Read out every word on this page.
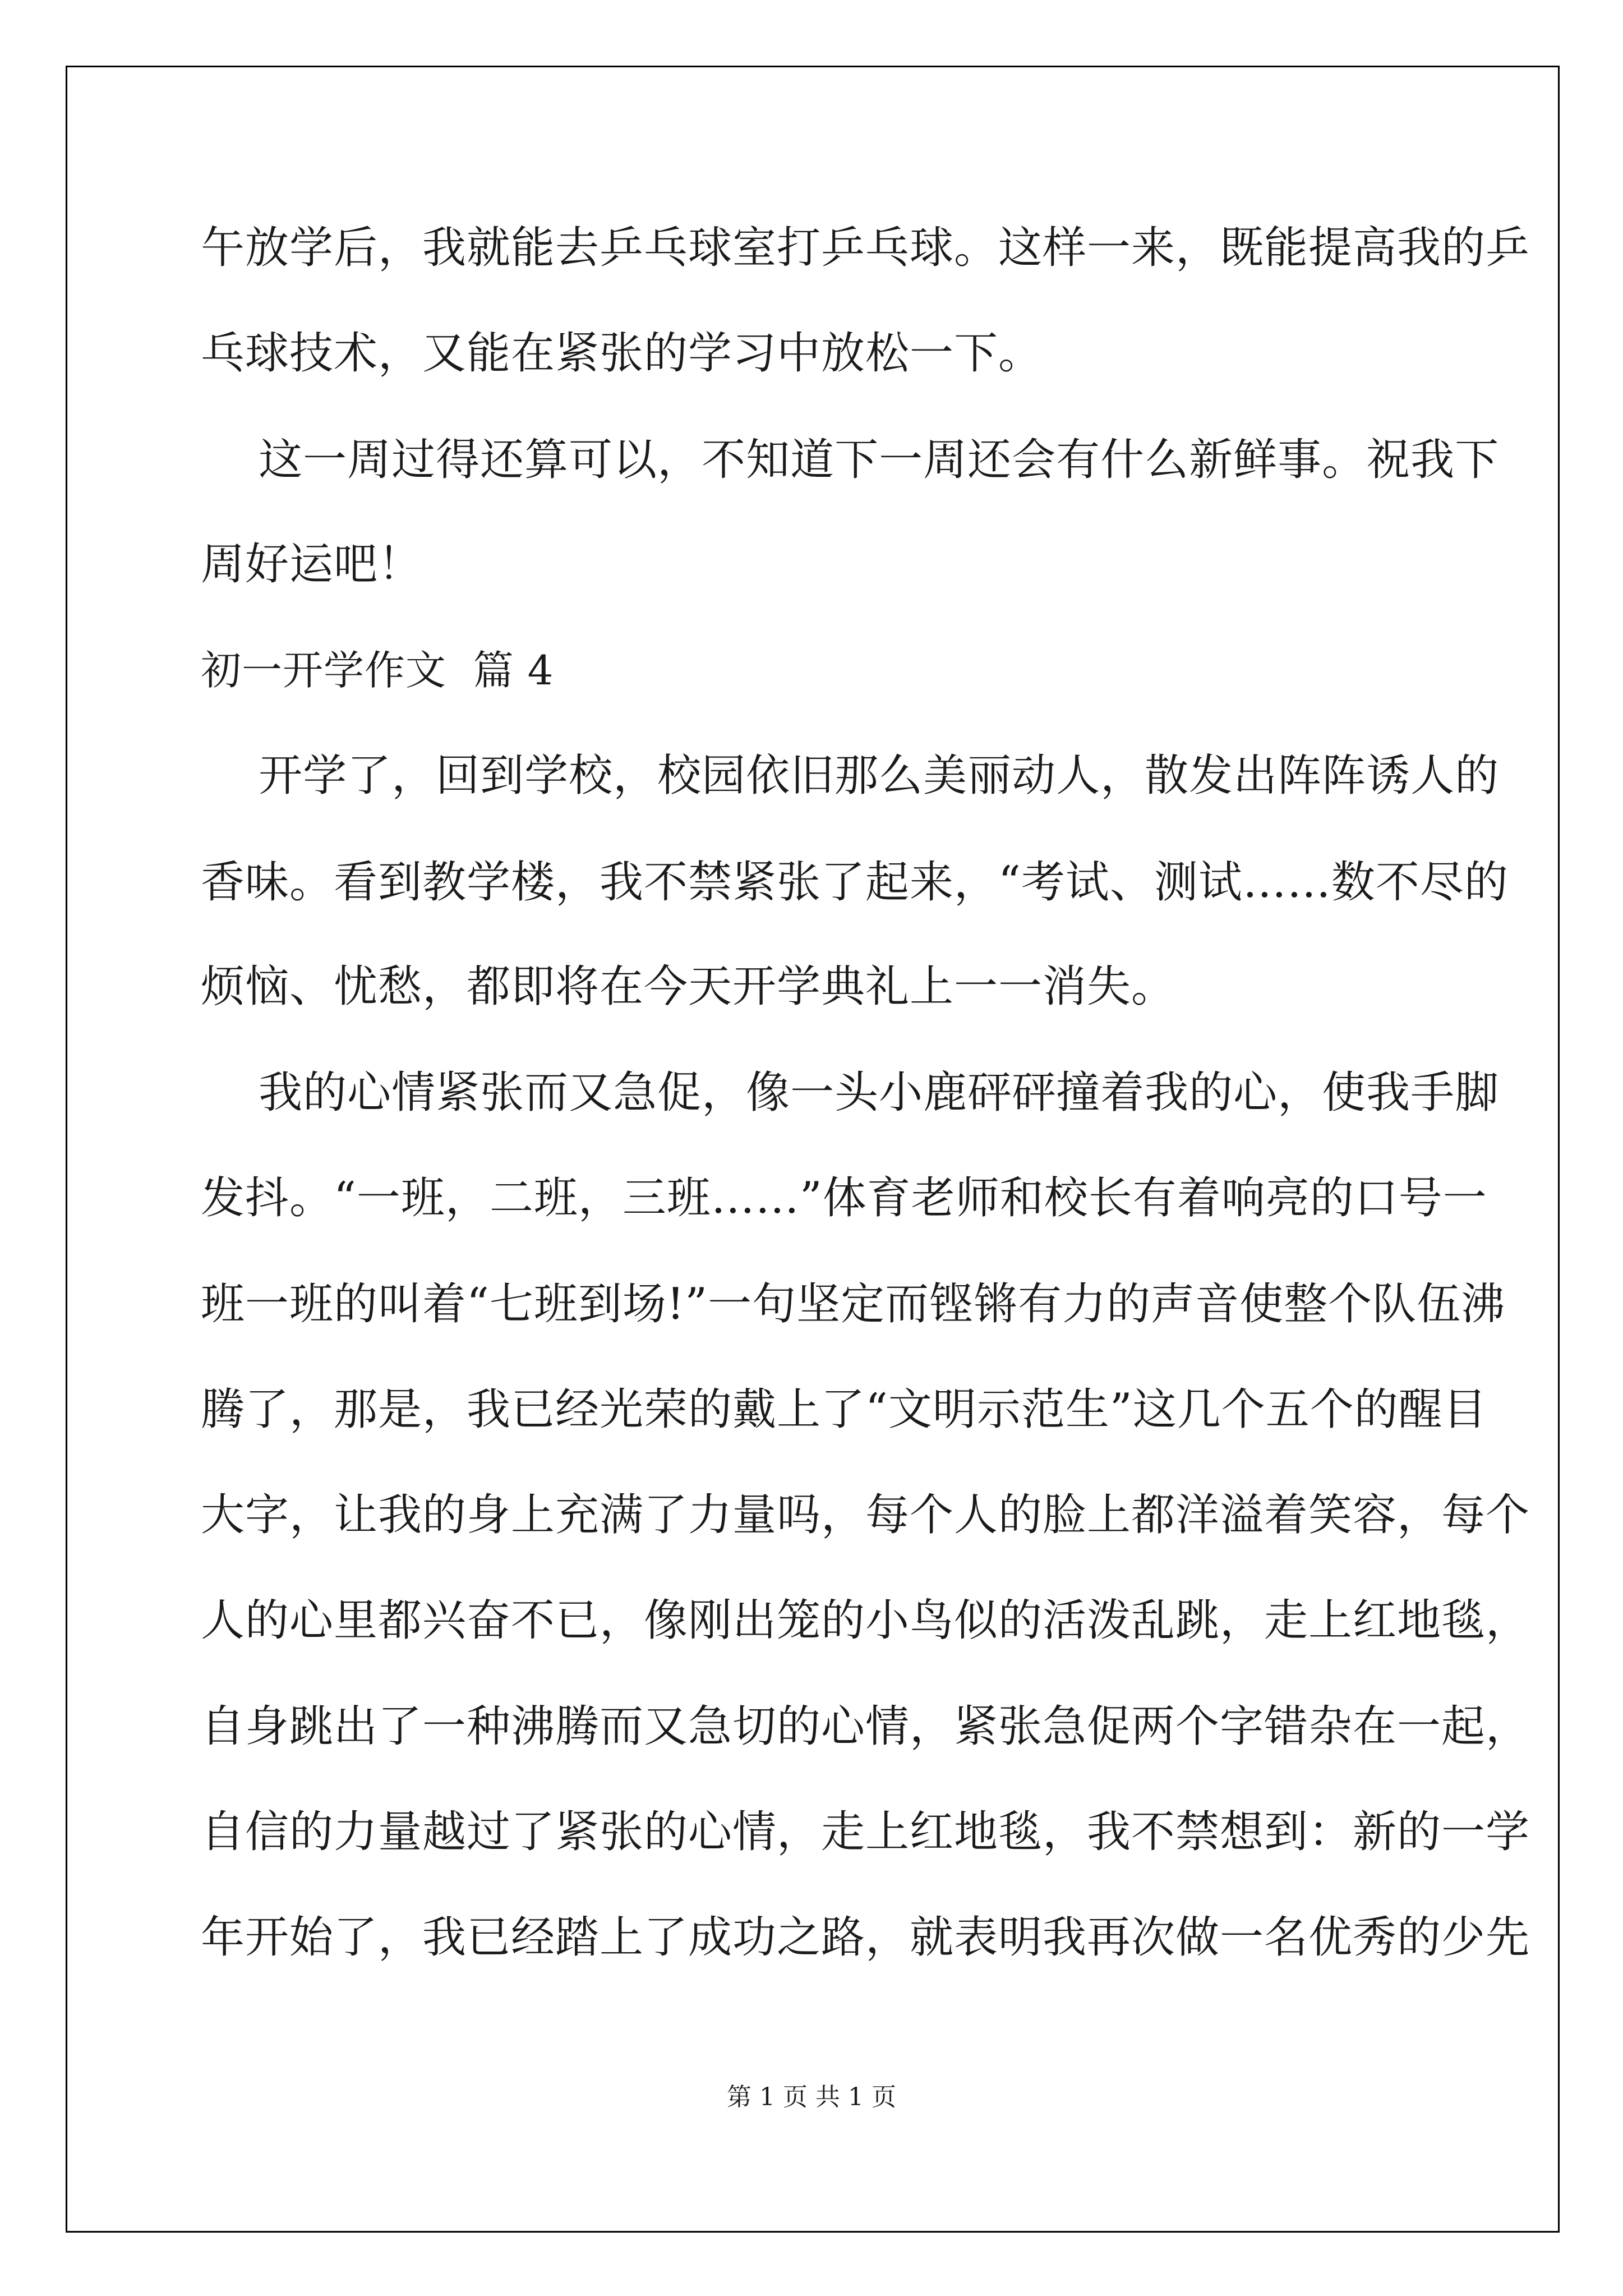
午放学后，我就能去乒乓球室打乒乓球。这样一来，既能提高我的乒
乓球技术，又能在紧张的学习中放松一下。
这一周过得还算可以，不知道下一周还会有什么新鲜事。祝我下
周好运吧！
初一开学作文  篇 4
开学了，回到学校，校园依旧那么美丽动人，散发出阵阵诱人的
香味。看到教学楼，我不禁紧张了起来，“考试、测试……数不尽的
烦恼、忧愁，都即将在今天开学典礼上一一消失。
我的心情紧张而又急促，像一头小鹿砰砰撞着我的心，使我手脚
发抖。“一班，二班，三班……”体育老师和校长有着响亮的口号一
班一班的叫着“七班到场!”一句坚定而铿锵有力的声音使整个队伍沸
腾了，那是，我已经光荣的戴上了“文明示范生”这几个五个的醒目
大字，让我的身上充满了力量吗，每个人的脸上都洋溢着笑容，每个
人的心里都兴奋不已，像刚出笼的小鸟似的活泼乱跳，走上红地毯，
自身跳出了一种沸腾而又急切的心情，紧张急促两个字错杂在一起，
自信的力量越过了紧张的心情，走上红地毯，我不禁想到：新的一学
年开始了，我已经踏上了成功之路，就表明我再次做一名优秀的少先
第 1 页 共 1 页
